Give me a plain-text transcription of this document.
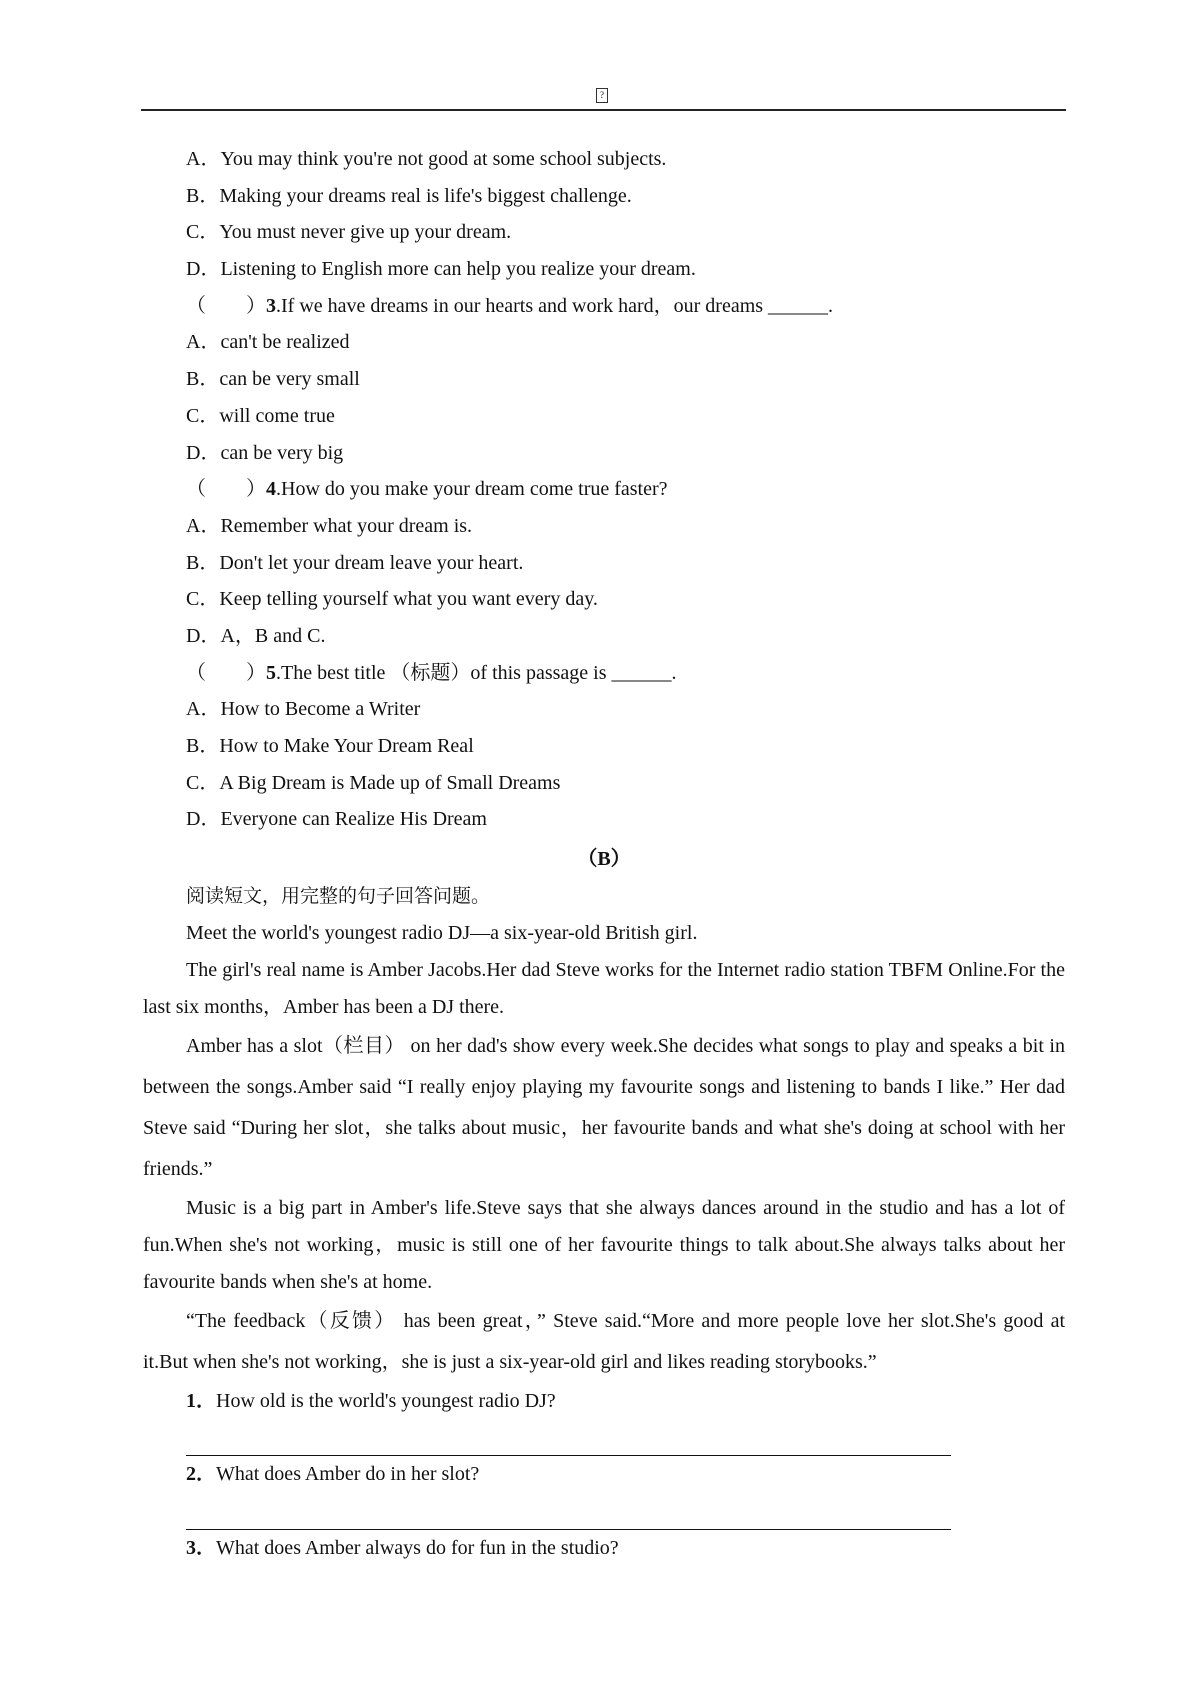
?
A．You may think you're not good at some school subjects.
B．Making your dreams real is life's biggest challenge.
C．You must never give up your dream.
D．Listening to English more can help you realize your dream.
（　　）3.If we have dreams in our hearts and work hard，our dreams ______.
A．can't be realized
B．can be very small
C．will come true
D．can be very big
（　　）4.How do you make your dream come true faster?
A．Remember what your dream is.
B．Don't let your dream leave your heart.
C．Keep telling yourself what you want every day.
D．A，B and C.
（　　）5.The best title （标题）of this passage is ______.
A．How to Become a Writer
B．How to Make Your Dream Real
C．A Big Dream is Made up of Small Dreams
D．Everyone can Realize His Dream
（B）
阅读短文，用完整的句子回答问题。
Meet the world's youngest radio DJ—a six-year-old British girl.
The girl's real name is Amber Jacobs.Her dad Steve works for the Internet radio station TBFM Online.For the last six months，Amber has been a DJ there.
Amber has a slot（栏目） on her dad's show every week.She decides what songs to play and speaks a bit in between the songs.Amber said “I really enjoy playing my favourite songs and listening to bands I like.” Her dad Steve said “During her slot，she talks about music，her favourite bands and what she's doing at school with her friends.”
Music is a big part in Amber's life.Steve says that she always dances around in the studio and has a lot of fun.When she's not working，music is still one of her favourite things to talk about.She always talks about her favourite bands when she's at home.
“The feedback（反馈） has been great，” Steve said.“More and more people love her slot.She's good at it.But when she's not working，she is just a six-year-old girl and likes reading storybooks.”
1．How old is the world's youngest radio DJ?
2．What does Amber do in her slot?
3．What does Amber always do for fun in the studio?
